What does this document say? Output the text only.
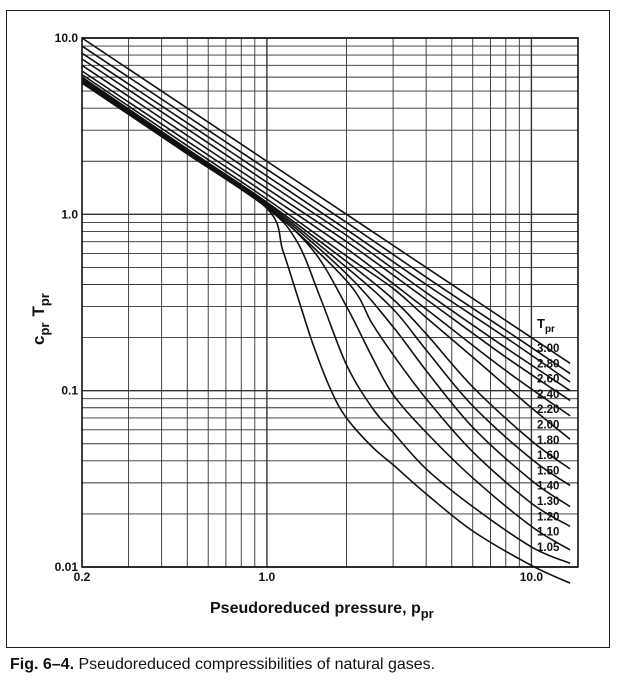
0.2	1.0	10.0
10.0
1.0
0.1
0.01
3.00
2.80
2.60
2.40
2.20
2.00
1.80
1.60
1.50
1.40
1.30
1.20
1.10
1.05
$T_{pr}$
Pseudoreduced pressure, $p_{pr}$
$c_{pr}T_{pr}$
Fig. 6–4. Pseudoreduced compressibilities of natural gases.
